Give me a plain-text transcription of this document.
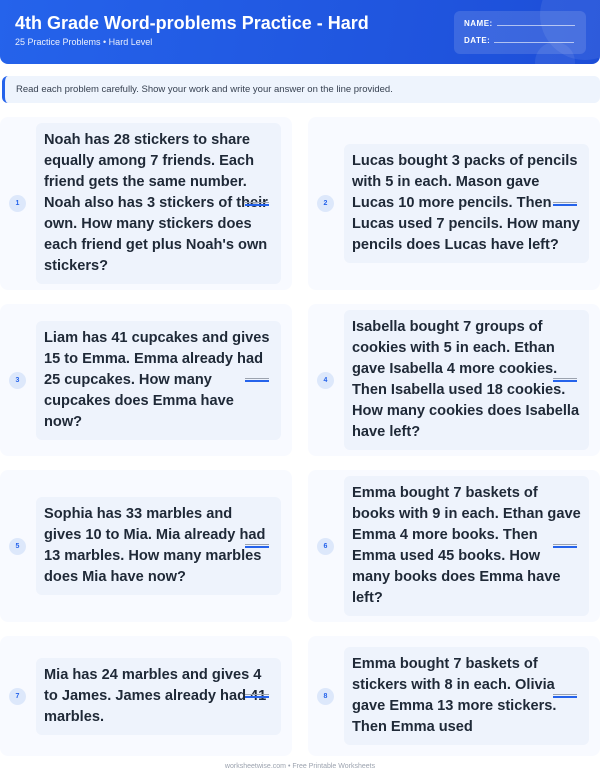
4th Grade Word-problems Practice - Hard
25 Practice Problems • Hard Level
NAME:
DATE:
Read each problem carefully. Show your work and write your answer on the line provided.
1
Noah has 28 stickers to share equally among 7 friends. Each friend gets the same number. Noah also has 3 stickers of their own. How many stickers does each friend get plus Noah's own stickers?
2
Lucas bought 3 packs of pencils with 5 in each. Mason gave Lucas 10 more pencils. Then Lucas used 7 pencils. How many pencils does Lucas have left?
3
Liam has 41 cupcakes and gives 15 to Emma. Emma already had 25 cupcakes. How many cupcakes does Emma have now?
4
Isabella bought 7 groups of cookies with 5 in each. Ethan gave Isabella 4 more cookies. Then Isabella used 18 cookies. How many cookies does Isabella have left?
5
Sophia has 33 marbles and gives 10 to Mia. Mia already had 13 marbles. How many marbles does Mia have now?
6
Emma bought 7 baskets of books with 9 in each. Ethan gave Emma 4 more books. Then Emma used 45 books. How many books does Emma have left?
7
Mia has 24 marbles and gives 4 to James. James already had 41 marbles.
8
Emma bought 7 baskets of stickers with 8 in each. Olivia gave Emma 13 more stickers. Then Emma used
worksheetwise.com • Free Printable Worksheets
